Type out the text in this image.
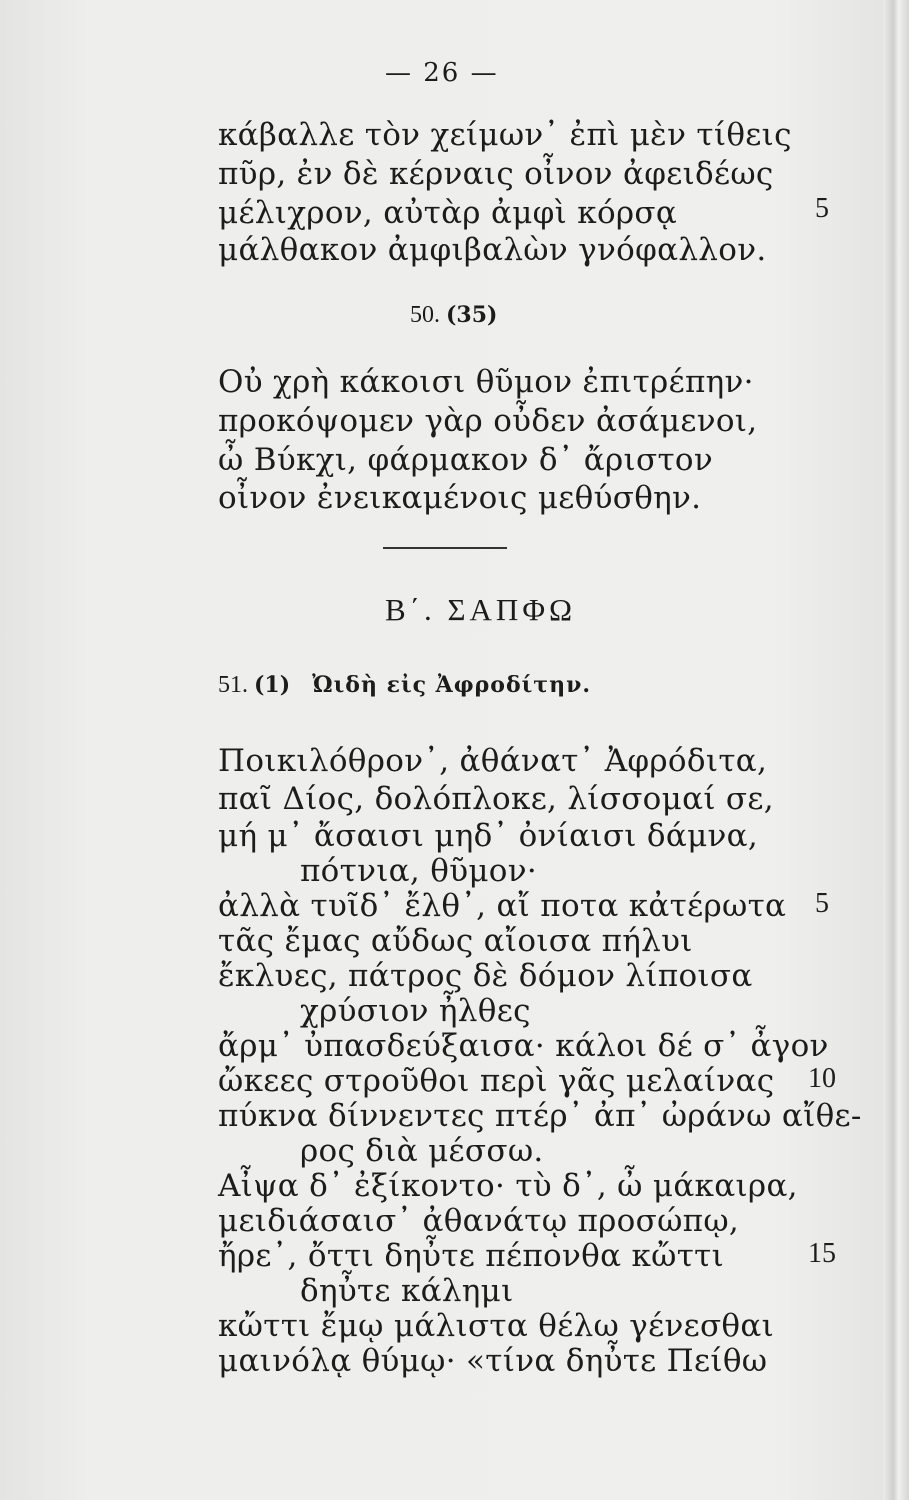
— 26 —
κάβαλλε τὸν χείμων᾽ ἐπὶ μὲν τίθεις
πῦρ, ἐν δὲ κέρναις οἶνον ἀφειδέως
μέλιχρον, αὐτὰρ ἀμφὶ κόρσᾳ
μάλθακον ἀμφιβαλὼν γνόφαλλον.
5
50. (35)
Οὐ χρὴ κάκοισι θῦμον ἐπιτρέπην·
προκόψομεν γὰρ οὖδεν ἀσάμενοι,
ὦ Βύκχι, φάρμακον δ᾽ ἄριστον
οἶνον ἐνεικαμένοις μεθύσθην.
Β΄. ΣΑΠΦΩ
51. (1) Ὠιδὴ εἰς Ἀφροδίτην.
Ποικιλόθρον᾽, ἀθάνατ᾽ Ἀφρόδιτα,
παῖ Δίος, δολόπλοκε, λίσσομαί σε,
μή μ᾽ ἄσαισι μηδ᾽ ὀνίαισι δάμνα,
πότνια, θῦμον·
ἀλλὰ τυῖδ᾽ ἔλθ᾽, αἴ ποτα κἀτέρωτα 5
τᾶς ἔμας αὔδως αἴοισα πήλυι
ἔκλυες, πάτρος δὲ δόμον λίποισα
χρύσιον ἦλθες
ἄρμ᾽ ὐπασδεύξαισα· κάλοι δέ σ᾽ ἆγον
ὤκεες στροῦθοι περὶ γᾶς μελαίνας 10
πύκνα δίννεντες πτέρ᾽ ἀπ᾽ ὠράνω αἴθε-
ρος διὰ μέσσω.
Αἶψα δ᾽ ἐξίκοντο· τὺ δ᾽, ὦ μάκαιρα,
μειδιάσαισ᾽ ἀθανάτῳ προσώπῳ,
ἤρε᾽, ὄττι δηὖτε πέπονθα κὤττι	15
δηὖτε κάλημι
κὤττι ἔμῳ μάλιστα θέλω γένεσθαι
μαινόλᾳ θύμῳ· «τίνα δηὖτε Πείθω
